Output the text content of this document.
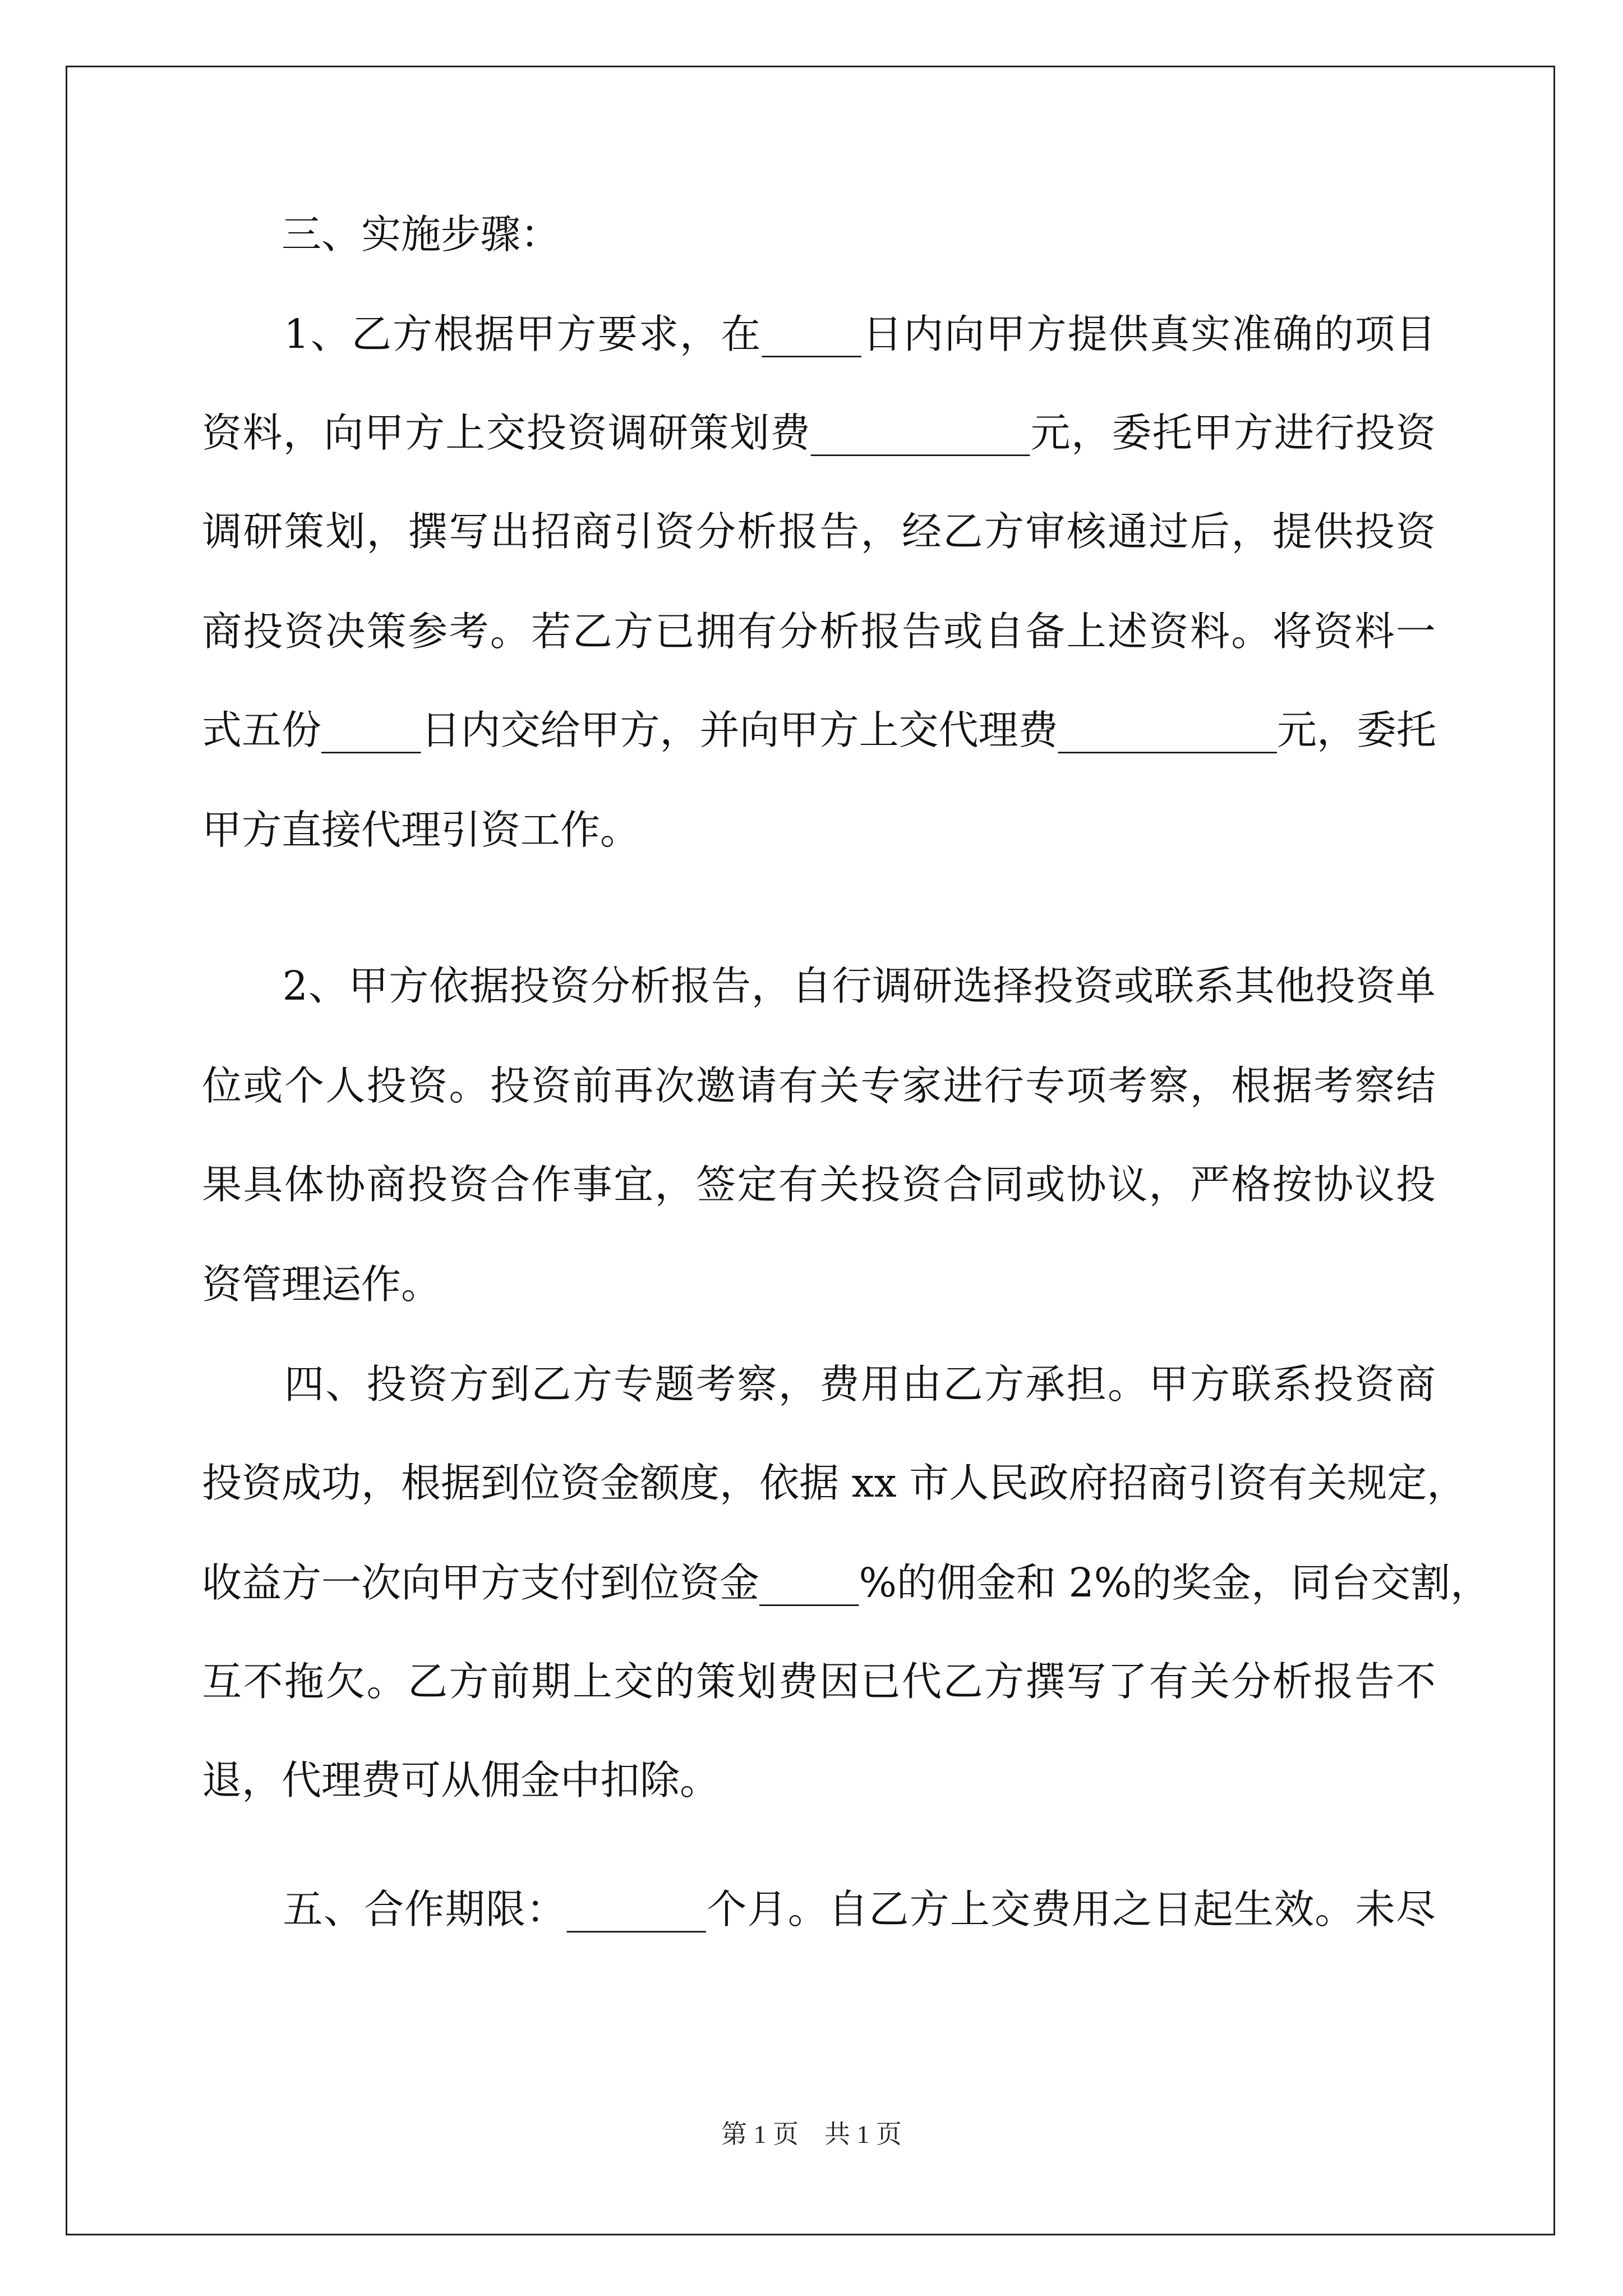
　　三、实施步骤：
　　1、乙方根据甲方要求，在_____日内向甲方提供真实准确的项目
资料，向甲方上交投资调研策划费___________元，委托甲方进行投资
调研策划，撰写出招商引资分析报告，经乙方审核通过后，提供投资
商投资决策参考。若乙方已拥有分析报告或自备上述资料。将资料一
式五份_____日内交给甲方，并向甲方上交代理费___________元，委托
甲方直接代理引资工作。
　　2、甲方依据投资分析报告，自行调研选择投资或联系其他投资单
位或个人投资。投资前再次邀请有关专家进行专项考察，根据考察结
果具体协商投资合作事宜，签定有关投资合同或协议，严格按协议投
资管理运作。
　　四、投资方到乙方专题考察，费用由乙方承担。甲方联系投资商
投资成功，根据到位资金额度，依据 xx 市人民政府招商引资有关规定，
收益方一次向甲方支付到位资金_____%的佣金和 2%的奖金，同台交割，
互不拖欠。乙方前期上交的策划费因已代乙方撰写了有关分析报告不
退，代理费可从佣金中扣除。
　　五、合作期限：_______个月。自乙方上交费用之日起生效。未尽
第 1 页　共 1 页
